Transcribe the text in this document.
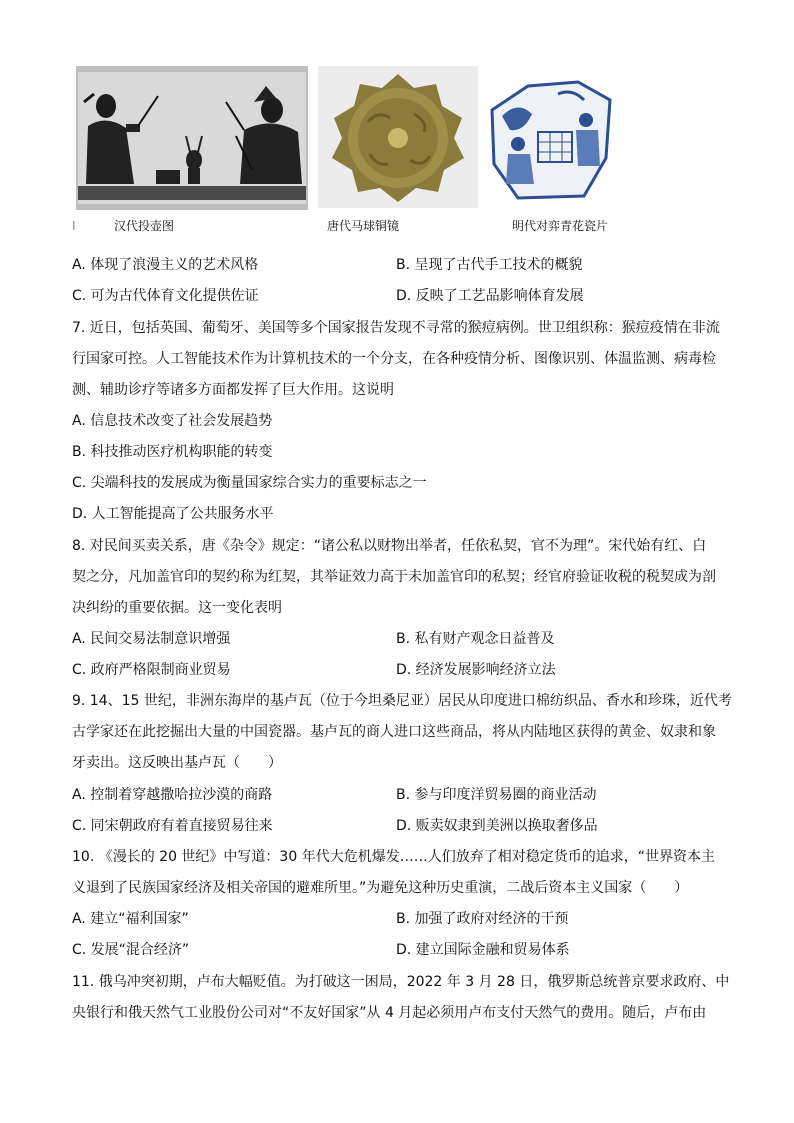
I	汉代投壶图	唐代马球铜镜	明代对弈青花瓷片
A. 体现了浪漫主义的艺术风格	B. 呈现了古代手工技术的概貌
C. 可为古代体育文化提供佐证	D. 反映了工艺品影响体育发展
7. 近日，包括英国、葡萄牙、美国等多个国家报告发现不寻常的猴痘病例。世卫组织称：猴痘疫情在非流
行国家可控。人工智能技术作为计算机技术的一个分支，在各种疫情分析、图像识别、体温监测、病毒检
测、辅助诊疗等诸多方面都发挥了巨大作用。这说明
A. 信息技术改变了社会发展趋势
B. 科技推动医疗机构职能的转变
C. 尖端科技的发展成为衡量国家综合实力的重要标志之一
D. 人工智能提高了公共服务水平
8. 对民间买卖关系，唐《杂令》规定：“诸公私以财物出举者，任依私契，官不为理”。宋代始有红、白
契之分，凡加盖官印的契约称为红契，其举证效力高于未加盖官印的私契；经官府验证收税的税契成为剖
决纠纷的重要依据。这一变化表明
A. 民间交易法制意识增强	B. 私有财产观念日益普及
C. 政府严格限制商业贸易	D. 经济发展影响经济立法
9. 14、15 世纪，非洲东海岸的基卢瓦（位于今坦桑尼亚）居民从印度进口棉纺织品、香水和珍珠，近代考
古学家还在此挖掘出大量的中国瓷器。基卢瓦的商人进口这些商品，将从内陆地区获得的黄金、奴隶和象
牙卖出。这反映出基卢瓦（　　）
A. 控制着穿越撒哈拉沙漠的商路	B. 参与印度洋贸易圈的商业活动
C. 同宋朝政府有着直接贸易往来	D. 贩卖奴隶到美洲以换取奢侈品
10. 《漫长的 20 世纪》中写道：30 年代大危机爆发……人们放弃了相对稳定货币的追求，“世界资本主
义退到了民族国家经济及相关帝国的避难所里。”为避免这种历史重演，二战后资本主义国家（　　）
A. 建立“福利国家”	B. 加强了政府对经济的干预
C. 发展“混合经济”	D. 建立国际金融和贸易体系
11. 俄乌冲突初期，卢布大幅贬值。为打破这一困局，2022 年 3 月 28 日，俄罗斯总统普京要求政府、中
央银行和俄天然气工业股份公司对“不友好国家”从 4 月起必须用卢布支付天然气的费用。随后，卢布由
